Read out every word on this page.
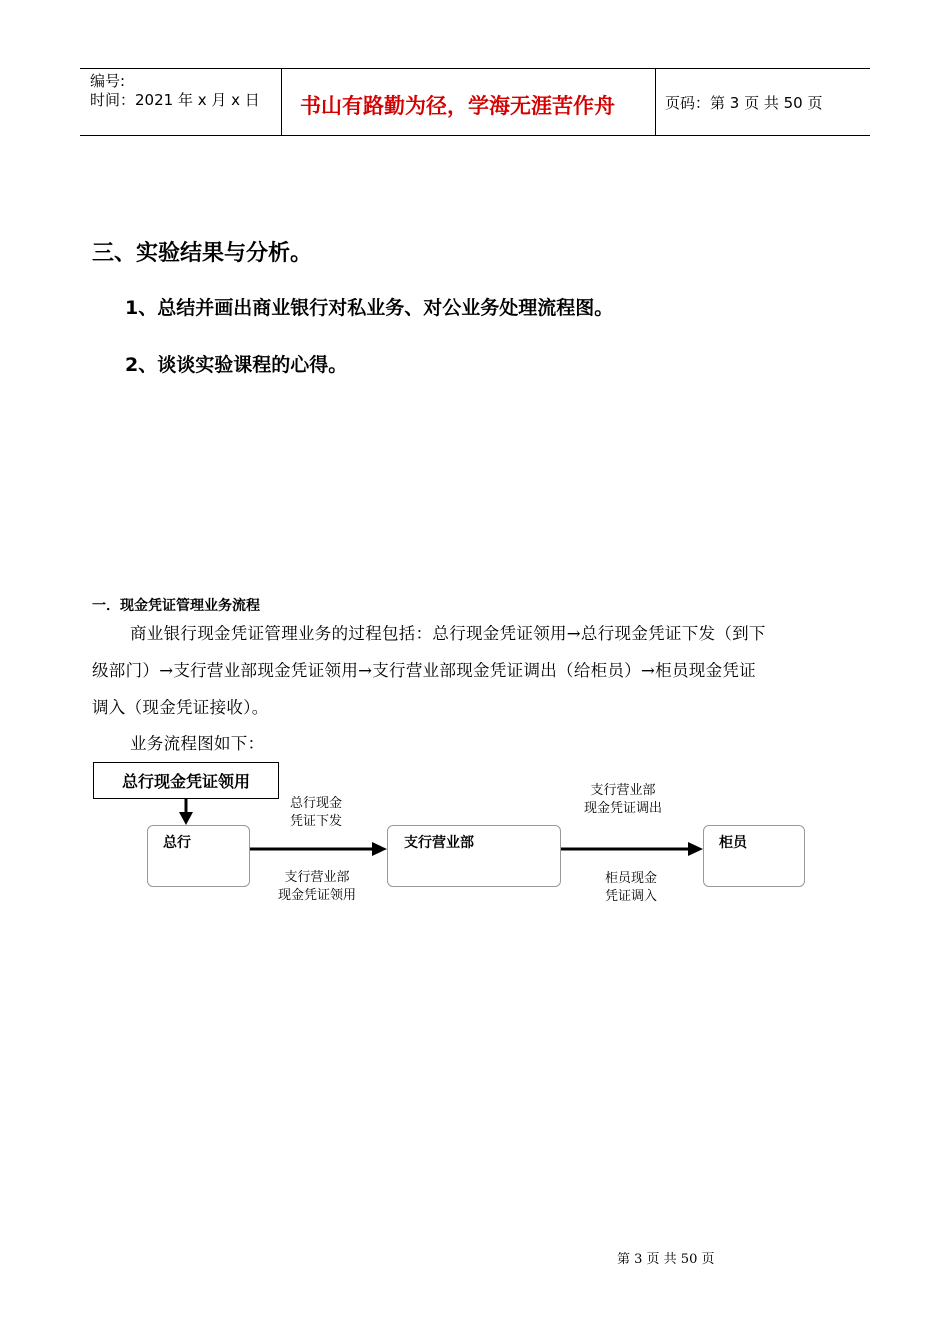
编号:
时间：2021 年 x 月 x 日 书山有路勤为径，学海无涯苦作舟	页码：第 3 页 共 50 页
三、实验结果与分析。
1、总结并画出商业银行对私业务、对公业务处理流程图。
2、谈谈实验课程的心得。
一．现金凭证管理业务流程
商业银行现金凭证管理业务的过程包括：总行现金凭证领用→总行现金凭证下发（到下
级部门）→支行营业部现金凭证领用→支行营业部现金凭证调出（给柜员）→柜员现金凭证
调入（现金凭证接收）。
业务流程图如下：
总行现金凭证领用
总行	支行营业部	柜员
总行现金
凭证下发
支行营业部
现金凭证领用
支行营业部
现金凭证调出
柜员现金
凭证调入
第 3 页 共 50 页
